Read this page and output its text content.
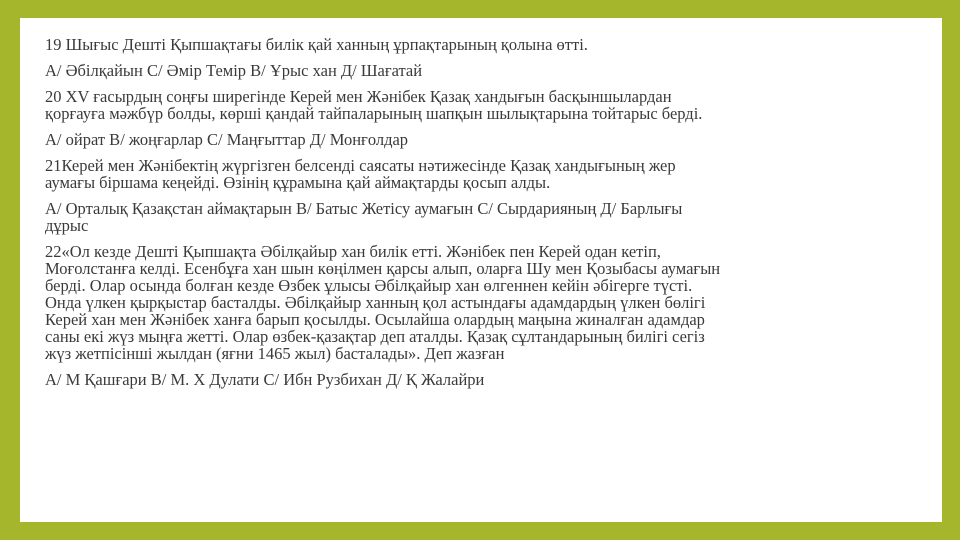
19 Шығыс Дешті Қыпшақтағы билік қай ханның ұрпақтарының қолына өтті.
А/ Әбілқайын С/ Әмір Темір В/ Ұрыс хан Д/ Шағатай
20 XV ғасырдың соңғы ширегінде Керей мен Жәнібек Қазақ хандығын басқыншылардан
қорғауға мәжбүр болды, көрші қандай тайпаларының шапқын шылықтарына тойтарыс берді.
А/ ойрат В/ жоңғарлар С/ Маңғыттар Д/ Монғолдар
21Керей мен Жәнібектің жүргізген белсенді саясаты нәтижесінде Қазақ хандығының жер
аумағы біршама кеңейді. Өзінің құрамына қай аймақтарды қосып алды.
А/ Орталық Қазақстан аймақтарын В/ Батыс Жетісу аумағын С/ Сырдарияның Д/ Барлығы
дұрыс
22«Ол кезде Дешті Қыпшақта Әбілқайыр хан билік етті. Жәнібек пен Керей одан кетіп,
Моғолстанға келді. Есенбұға хан шын көңілмен қарсы алып, оларға Шу мен Қозыбасы аумағын
берді. Олар осында болған кезде Өзбек ұлысы Әбілқайыр хан өлгеннен кейін әбігерге түсті.
Онда үлкен қырқыстар басталды. Әбілқайыр ханның қол астындағы адамдардың үлкен бөлігі
Керей хан мен Жәнібек ханға барып қосылды. Осылайша олардың маңына жиналған адамдар
саны екі жүз мыңға жетті. Олар өзбек-қазақтар деп аталды. Қазақ сұлтандарының билігі сегіз
жүз жетпісінші жылдан (яғни 1465 жыл) басталады». Деп жазған
А/ М Қашғари В/ М. Х Дулати С/ Ибн Рузбихан Д/ Қ Жалайри
